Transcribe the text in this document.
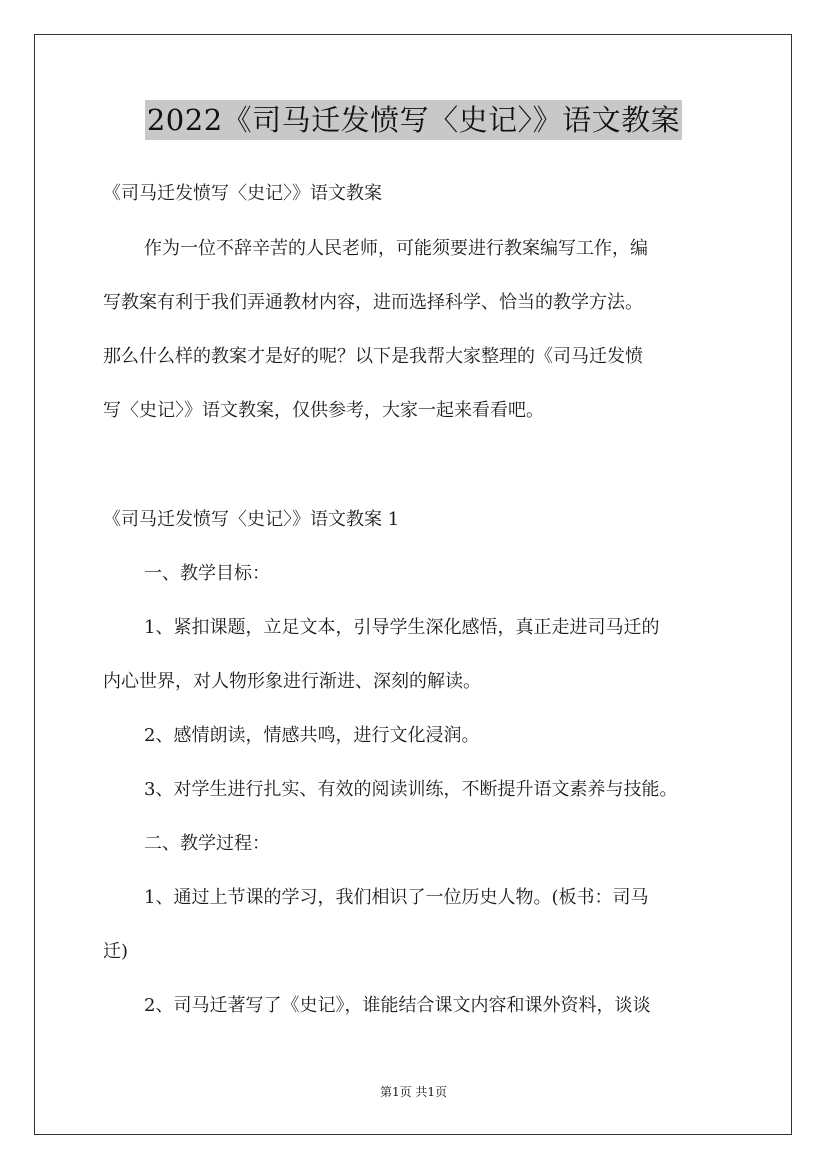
2022《司马迁发愤写〈史记〉》语文教案
《司马迁发愤写〈史记〉》语文教案
作为一位不辞辛苦的人民老师，可能须要进行教案编写工作，编
写教案有利于我们弄通教材内容，进而选择科学、恰当的教学方法。
那么什么样的教案才是好的呢？以下是我帮大家整理的《司马迁发愤
写〈史记〉》语文教案，仅供参考，大家一起来看看吧。
《司马迁发愤写〈史记〉》语文教案 1
一、教学目标：
1、紧扣课题，立足文本，引导学生深化感悟，真正走进司马迁的
内心世界，对人物形象进行渐进、深刻的解读。
2、感情朗读，情感共鸣，进行文化浸润。
3、对学生进行扎实、有效的阅读训练，不断提升语文素养与技能。
二、教学过程：
1、通过上节课的学习，我们相识了一位历史人物。(板书：司马
迁)
2、司马迁著写了《史记》，谁能结合课文内容和课外资料，谈谈
第1页 共1页
